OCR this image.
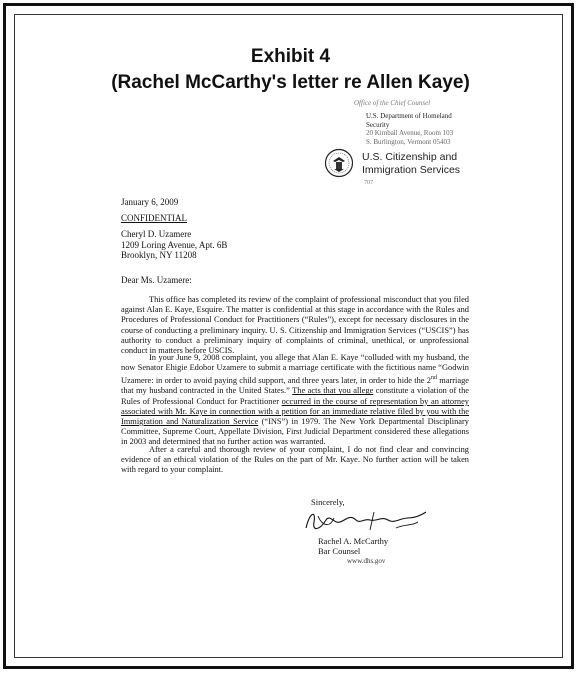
Exhibit 4
(Rachel McCarthy's letter re Allen Kaye)
Office of the Chief Counsel
U.S. Department of Homeland
Security
20 Kimball Avenue, Room 103
S. Burlington, Vermont 05403
U.S. Citizenship and
Immigration Services
707
January 6, 2009
CONFIDENTIAL
Cheryl D. Uzamere
1209 Loring Avenue, Apt. 6B
Brooklyn, NY 11208
Dear Ms. Uzamere:
This office has completed its review of the complaint of professional misconduct that you filed against Alan E. Kaye, Esquire. The matter is confidential at this stage in accordance with the Rules and Procedures of Professional Conduct for Practitioners (“Rules”), except for necessary disclosures in the course of conducting a preliminary inquiry. U. S. Citizenship and Immigration Services (“USCIS”) has authority to conduct a preliminary inquiry of complaints of criminal, unethical, or unprofessional conduct in matters before USCIS.
In your June 9, 2008 complaint, you allege that Alan E. Kaye “colluded with my husband, the now Senator Ehigie Edobor Uzamere to submit a marriage certificate with the fictitious name “Godwin Uzamere: in order to avoid paying child support, and three years later, in order to hide the 2nd marriage that my husband contracted in the United States.” The acts that you allege constitute a violation of the Rules of Professional Conduct for Practitioner occurred in the course of representation by an attorney associated with Mr. Kaye in connection with a petition for an immediate relative filed by you with the Immigration and Naturalization Service (“INS”) in 1979. The New York Departmental Disciplinary Committee, Supreme Court, Appellate Division, First Judicial Department considered these allegations in 2003 and determined that no further action was warranted.
After a careful and thorough review of your complaint, I do not find clear and convincing evidence of an ethical violation of the Rules on the part of Mr. Kaye. No further action will be taken with regard to your complaint.
Sincerely,
Rachel A. McCarthy
Bar Counsel
www.dhs.gov
